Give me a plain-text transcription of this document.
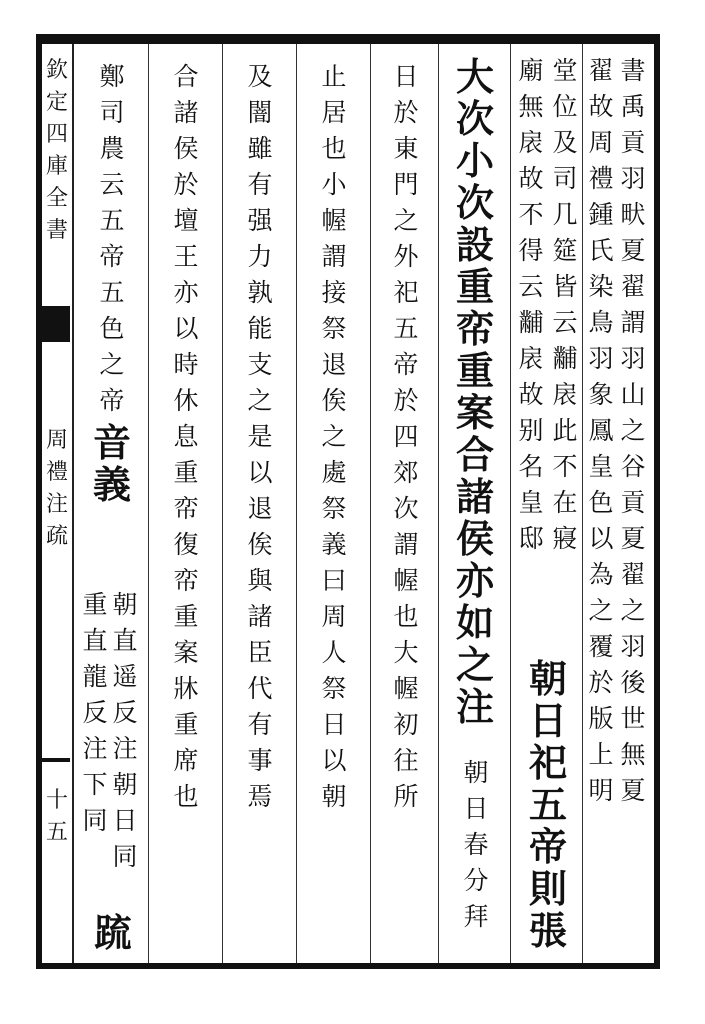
欽
定
四
庫
全
書
周
禮
注
疏
十
五
書
禹
貢
羽
畎
夏
翟
謂
羽
山
之
谷
貢
夏
翟
之
羽
後
世
無
夏
翟
故
周
禮
鍾
氏
染
鳥
羽
象
鳳
皇
色
以
為
之
覆
於
版
上
明
堂
位
及
司
几
筵
皆
云
黼
扆
此
不
在
寢
廟
無
扆
故
不
得
云
黼
扆
故
别
名
皇
邸
朝
日
祀
五
帝
則
張
大
次
小
次
設
重
帟
重
案
合
諸
侯
亦
如
之
注
朝
日
春
分
拜
日
於
東
門
之
外
祀
五
帝
於
四
郊
次
謂
幄
也
大
幄
初
往
所
止
居
也
小
幄
謂
接
祭
退
俟
之
處
祭
義
曰
周
人
祭
日
以
朝
及
闇
雖
有
强
力
孰
能
支
之
是
以
退
俟
與
諸
臣
代
有
事
焉
合
諸
侯
於
壇
王
亦
以
時
休
息
重
帟
復
帟
重
案
牀
重
席
也
鄭
司
農
云
五
帝
五
色
之
帝
音
義
朝
直
遥
反
注
朝
日
同
重
直
龍
反
注
下
同
䟽
